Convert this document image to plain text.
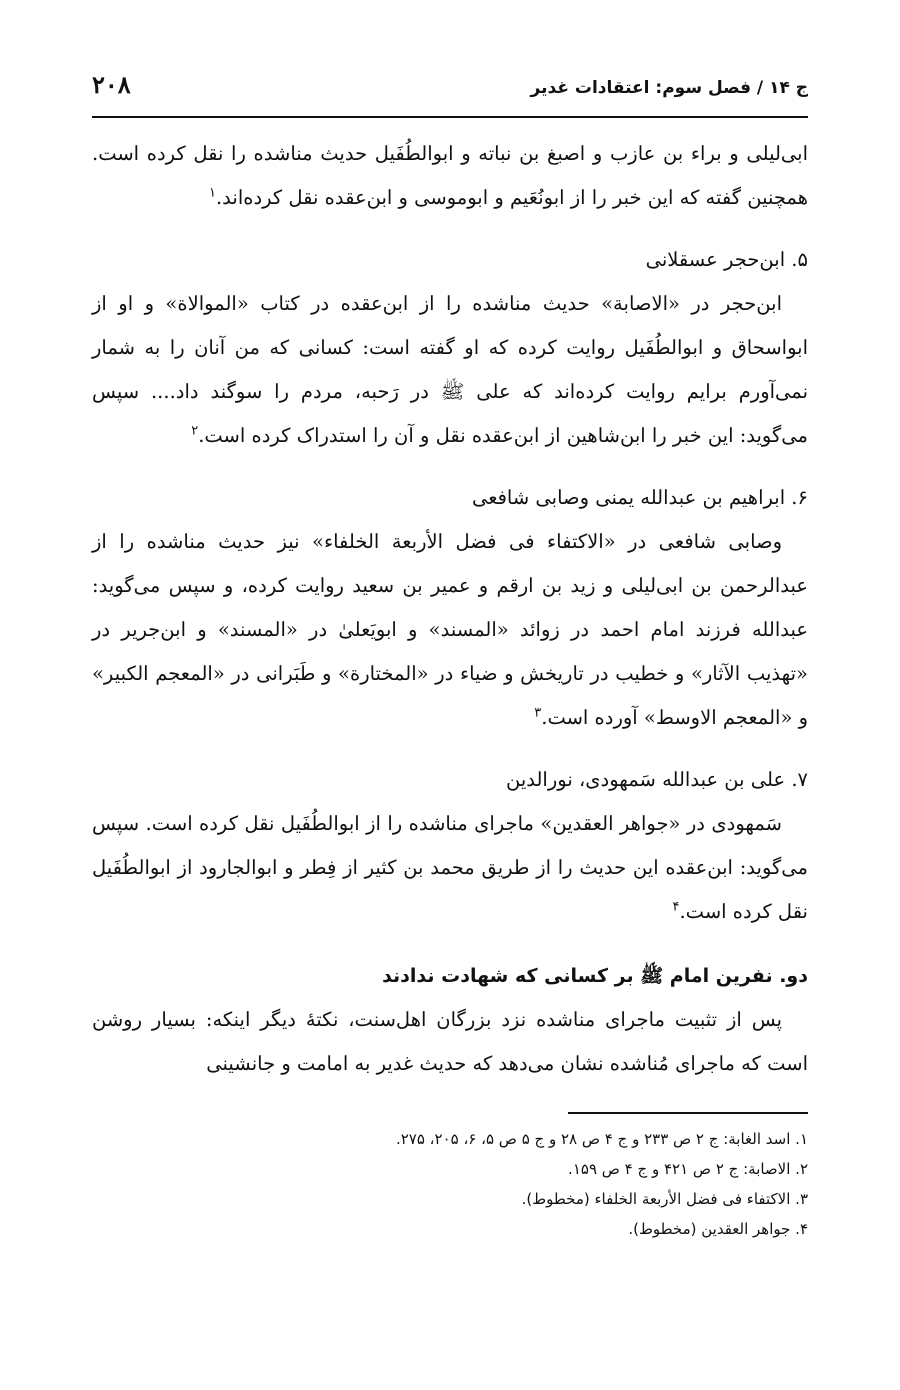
ج ۱۴ / فصل سوم: اعتقادات غدیر
۲۰۸

ابی‌لیلی و براء بن عازب و اصبغ بن نباته و ابوالطُفَیل حدیث مناشده را نقل کرده است. همچنین گفته که این خبر را از ابونُعَیم و ابوموسی و ابن‌عقده نقل کرده‌اند.$^۱$

۵. ابن‌حجر عسقلانی

ابن‌حجر در «الاصابة» حدیث مناشده را از ابن‌عقده در کتاب «الموالاة» و او از ابواسحاق و ابوالطُفَیل روایت کرده که او گفته است: کسانی که من آنان را به شمار نمی‌آورم برایم روایت کرده‌اند که علی ﷺ در رَحبه، مردم را سوگند داد.... سپس می‌گوید: این خبر را ابن‌شاهین از ابن‌عقده نقل و آن را استدراک کرده است.$^۲$

۶. ابراهیم بن عبدالله یمنی وصابی شافعی

وصابی شافعی در «الاکتفاء فی فضل الأربعة الخلفاء» نیز حدیث مناشده را از عبدالرحمن بن ابی‌لیلی و زید بن ارقم و عمیر بن سعید روایت کرده، و سپس می‌گوید: عبدالله فرزند امام احمد در زوائد «المسند» و ابویَعلیٰ در «المسند» و ابن‌جریر در «تهذیب الآثار» و خطیب در تاریخش و ضیاء در «المختارة» و طَبَرانی در «المعجم الکبیر» و «المعجم الاوسط» آورده است.$^۳$

۷. علی بن عبدالله سَمهودی، نورالدین

سَمهودی در «جواهر العقدین» ماجرای مناشده را از ابوالطُفَیل نقل کرده است. سپس می‌گوید: ابن‌عقده این حدیث را از طریق محمد بن کثیر از فِطر و ابوالجارود از ابوالطُفَیل نقل کرده است.$^۴$

دو. نفرین امام ﷺ بر کسانی که شهادت ندادند

پس از تثبیت ماجرای مناشده نزد بزرگان اهل‌سنت، نکتهٔ دیگر اینکه: بسیار روشن است که ماجرای مُناشده نشان می‌دهد که حدیث غدیر به امامت و جانشینی

۱. اسد الغابة: ج ۲ ص ۲۳۳ و ج ۴ ص ۲۸ و ج ۵ ص ۵، ۶، ۲۰۵، ۲۷۵.

۲. الاصابة: ج ۲ ص ۴۲۱ و ج ۴ ص ۱۵۹.

۳. الاکتفاء فی فضل الأربعة الخلفاء (مخطوط).

۴. جواهر العقدین (مخطوط).
